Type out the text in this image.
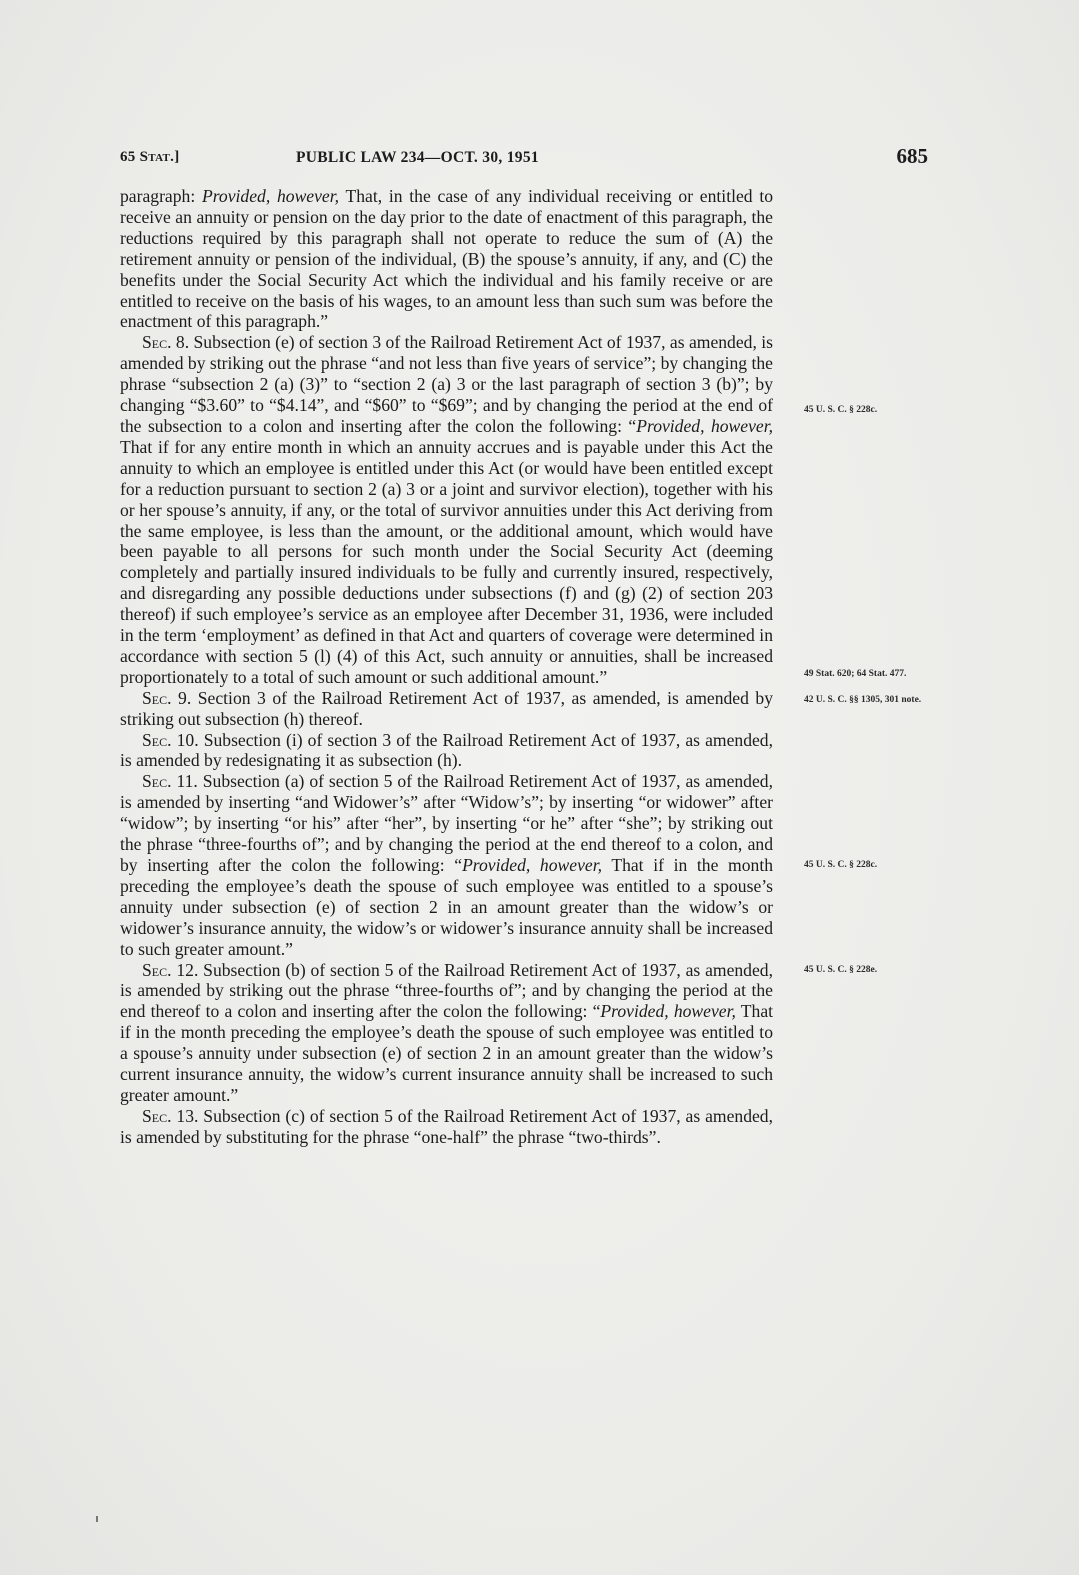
65 Stat.]	PUBLIC LAW 234—OCT. 30, 1951	685

paragraph: Provided, however, That, in the case of any individual receiving or entitled to receive an annuity or pension on the day prior to the date of enactment of this paragraph, the reductions required by this paragraph shall not operate to reduce the sum of (A) the retirement annuity or pension of the individual, (B) the spouse’s annuity, if any, and (C) the benefits under the Social Security Act which the individual and his family receive or are entitled to receive on the basis of his wages, to an amount less than such sum was before the enactment of this paragraph.”

Sec. 8. Subsection (e) of section 3 of the Railroad Retirement Act of 1937, as amended, is amended by striking out the phrase “and not less than five years of service”; by changing the phrase “subsection 2 (a) (3)” to “section 2 (a) 3 or the last paragraph of section 3 (b)”; by changing “$3.60” to “$4.14”, and “$60” to “$69”; and by changing the period at the end of the subsection to a colon and inserting after the colon the following: “Provided, however, That if for any entire month in which an annuity accrues and is payable under this Act the annuity to which an employee is entitled under this Act (or would have been entitled except for a reduction pursuant to section 2 (a) 3 or a joint and survivor election), together with his or her spouse’s annuity, if any, or the total of survivor annuities under this Act deriving from the same employee, is less than the amount, or the additional amount, which would have been payable to all persons for such month under the Social Security Act (deeming completely and partially insured individuals to be fully and currently insured, respectively, and disregarding any possible deductions under subsections (f) and (g) (2) of section 203 thereof) if such employee’s service as an employee after December 31, 1936, were included in the term ‘employment’ as defined in that Act and quarters of coverage were determined in accordance with section 5 (l) (4) of this Act, such annuity or annuities, shall be increased proportionately to a total of such amount or such additional amount.”

Sec. 9. Section 3 of the Railroad Retirement Act of 1937, as amended, is amended by striking out subsection (h) thereof.

Sec. 10. Subsection (i) of section 3 of the Railroad Retirement Act of 1937, as amended, is amended by redesignating it as subsection (h).

Sec. 11. Subsection (a) of section 5 of the Railroad Retirement Act of 1937, as amended, is amended by inserting “and Widower’s” after “Widow’s”; by inserting “or widower” after “widow”; by inserting “or his” after “her”, by inserting “or he” after “she”; by striking out the phrase “three-fourths of”; and by changing the period at the end thereof to a colon, and by inserting after the colon the following: “Provided, however, That if in the month preceding the employee’s death the spouse of such employee was entitled to a spouse’s annuity under subsection (e) of section 2 in an amount greater than the widow’s or widower’s insurance annuity, the widow’s or widower’s insurance annuity shall be increased to such greater amount.”

Sec. 12. Subsection (b) of section 5 of the Railroad Retirement Act of 1937, as amended, is amended by striking out the phrase “three-fourths of”; and by changing the period at the end thereof to a colon and inserting after the colon the following: “Provided, however, That if in the month preceding the employee’s death the spouse of such employee was entitled to a spouse’s annuity under subsection (e) of section 2 in an amount greater than the widow’s current insurance annuity, the widow’s current insurance annuity shall be increased to such greater amount.”

Sec. 13. Subsection (c) of section 5 of the Railroad Retirement Act of 1937, as amended, is amended by substituting for the phrase “one-half” the phrase “two-thirds”.

45 U. S. C. § 228c.
49 Stat. 620; 64 Stat. 477.
42 U. S. C. §§ 1305, 301 note.
45 U. S. C. § 228c.
45 U. S. C. § 228e.
